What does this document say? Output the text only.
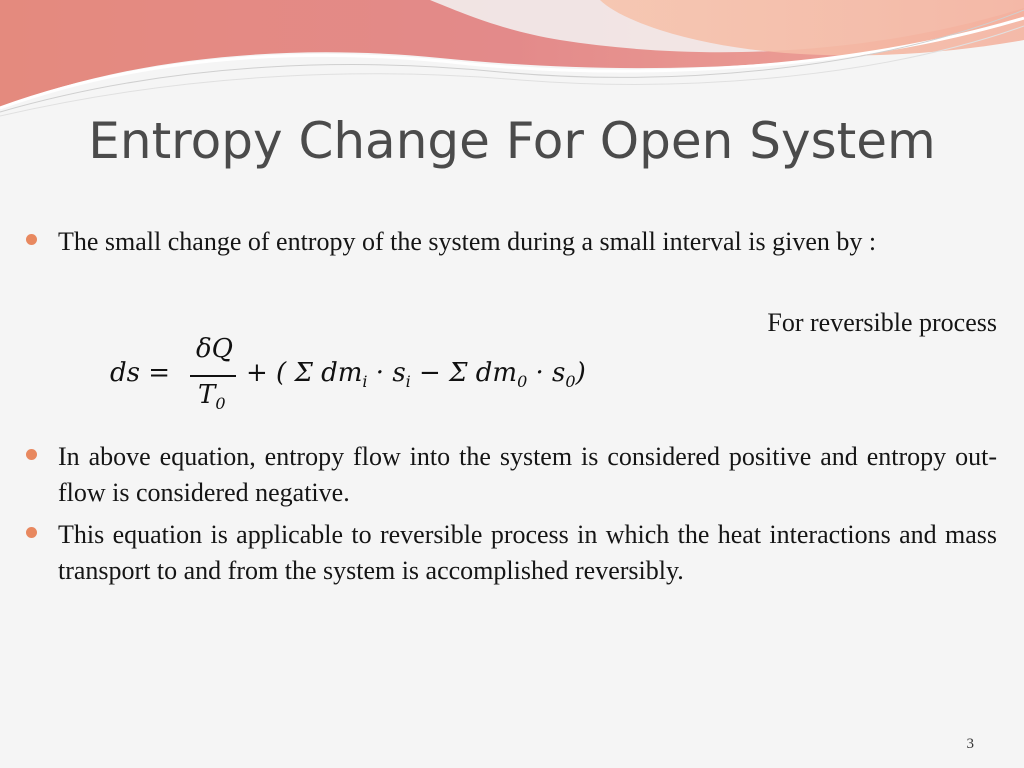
Entropy Change For Open System
The small change of entropy of the system during a small interval is given by :
For reversible process
ds =
δQ
$T_0$
+ ( Σ $dm_i \cdot s_i - \Sigma$ $dm_0 \cdot s_0$)
In above equation, entropy flow into the system is considered positive and entropy out-flow is considered negative.
This equation is applicable to reversible process in which the heat interactions and mass transport to and from the system is accomplished reversibly.
3
